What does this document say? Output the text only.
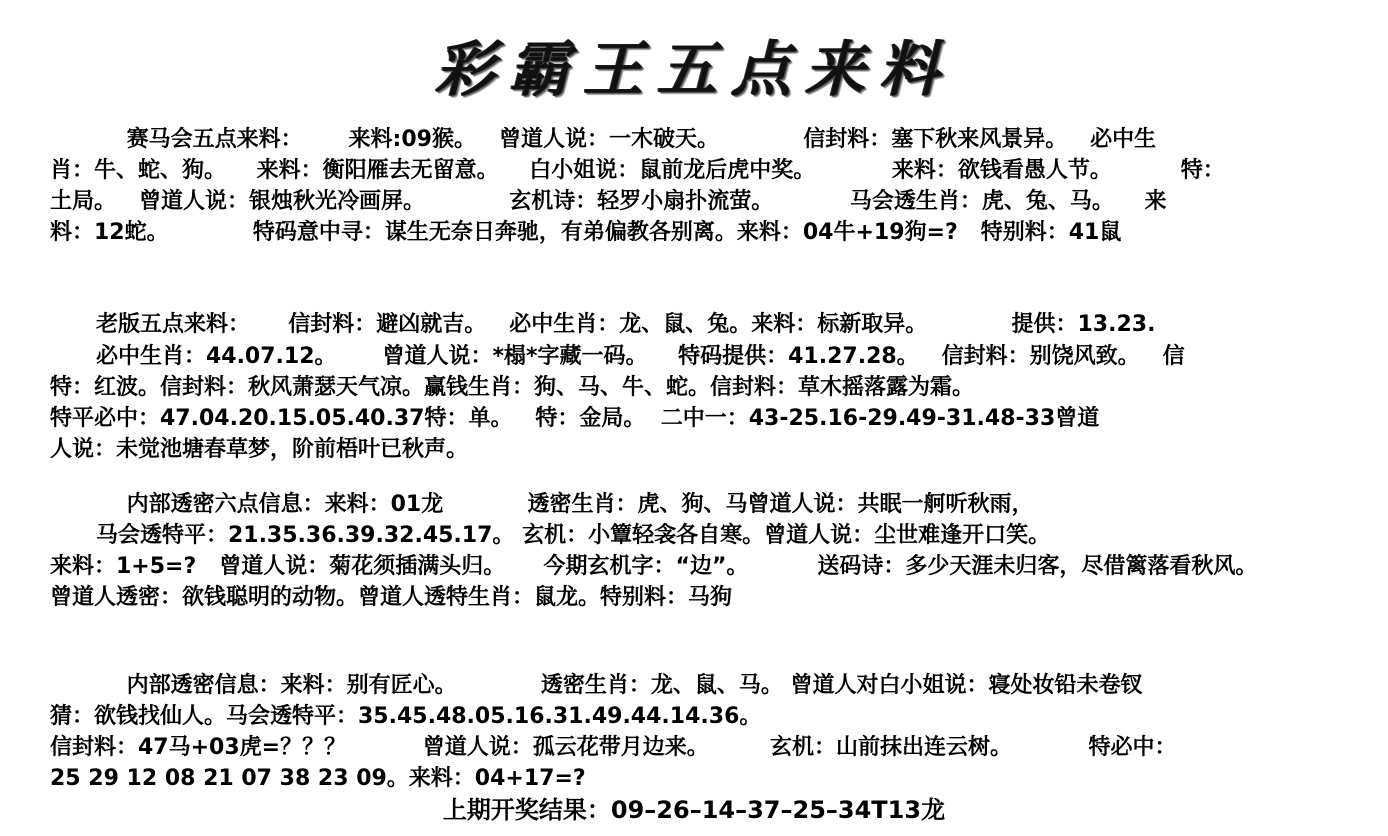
彩霸王五点来料
赛马会五点来料：      来料:09猴。   曾道人说：一木破天。           信封料：塞下秋来风景异。   必中生
肖：牛、蛇、狗。    来料：衡阳雁去无留意。    白小姐说：鼠前龙后虎中奖。          来料：欲钱看愚人节。         特：
土局。   曾道人说：银烛秋光冷画屏。           玄机诗：轻罗小扇扑流萤。          马会透生肖：虎、兔、马。    来
料：12蛇。           特码意中寻：谋生无奈日奔驰，有弟偏教各别离。来料：04牛+19狗=?   特别料：41鼠
老版五点来料：     信封料：避凶就吉。   必中生肖：龙、鼠、兔。来料：标新取异。           提供：13.23.
必中生肖：44.07.12。      曾道人说：*榻*字藏一码。    特码提供：41.27.28。   信封料：别饶风致。   信
特：红波。信封料：秋风萧瑟天气凉。赢钱生肖：狗、马、牛、蛇。信封料：草木摇落露为霜。
特平必中：47.04.20.15.05.40.37特：单。   特：金局。  二中一：43-25.16-29.49-31.48-33曾道
人说：未觉池塘春草梦，阶前梧叶已秋声。
内部透密六点信息：来料：01龙           透密生肖：虎、狗、马曾道人说：共眠一舸听秋雨，
马会透特平：21.35.36.39.32.45.17。 玄机：小簟轻衾各自寒。曾道人说：尘世难逢开口笑。
来料：1+5=?   曾道人说：菊花须插满头归。     今期玄机字：“边”。         送码诗：多少天涯未归客，尽借篱落看秋风。
曾道人透密：欲钱聪明的动物。曾道人透特生肖：鼠龙。特别料：马狗
内部透密信息：来料：别有匠心。           透密生肖：龙、鼠、马。 曾道人对白小姐说：寝处妆铅未卷钗
猜：欲钱找仙人。马会透特平：35.45.48.05.16.31.49.44.14.36。
信封料：47马+03虎=？？？          曾道人说：孤云花带月边来。        玄机：山前抹出连云树。          特必中：
25 29 12 08 21 07 38 23 09。来料：04+17=?
上期开奖结果：09–26–14–37–25–34T13龙
